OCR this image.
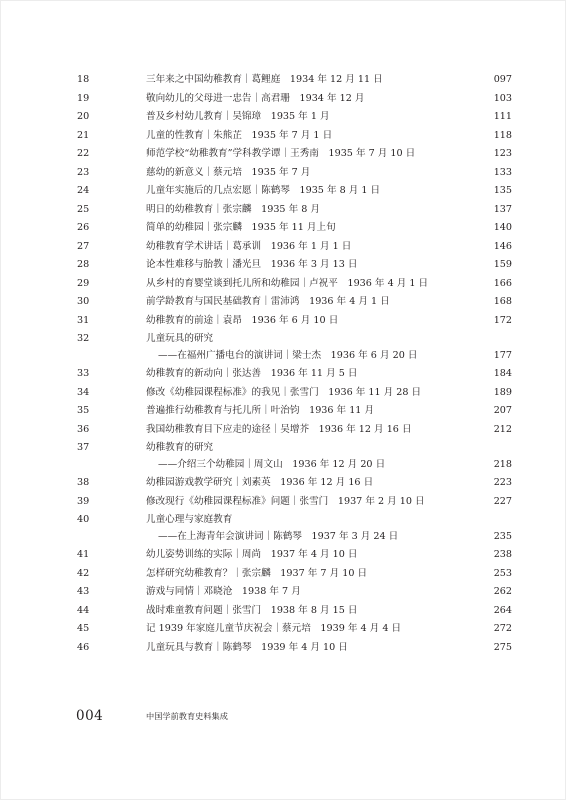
18	三年来之中国幼稚教育｜葛鲤庭　1934 年 12 月 11 日	097
19	敬向幼儿的父母进一忠告｜高君珊　1934 年 12 月	103
20	普及乡村幼儿教育｜吴锦璋　1935 年 1 月	111
21	儿童的性教育｜朱熊芷　1935 年 7 月 1 日	118
22	师范学校“幼稚教育”学科教学谭｜王秀南　1935 年 7 月 10 日	123
23	慈幼的新意义｜蔡元培　1935 年 7 月	133
24	儿童年实施后的几点宏愿｜陈鹤琴　1935 年 8 月 1 日	135
25	明日的幼稚教育｜张宗麟　1935 年 8 月	137
26	简单的幼稚园｜张宗麟　1935 年 11 月上旬	140
27	幼稚教育学术讲话｜葛承训　1936 年 1 月 1 日	146
28	论本性难移与胎教｜潘光旦　1936 年 3 月 13 日	159
29	从乡村的育婴堂谈到托儿所和幼稚园｜卢祝平　1936 年 4 月 1 日	166
30	前学龄教育与国民基础教育｜雷沛鸿　1936 年 4 月 1 日	168
31	幼稚教育的前途｜袁昂　1936 年 6 月 10 日	172
32	儿童玩具的研究
——在福州广播电台的演讲词｜梁士杰　1936 年 6 月 20 日	177
33	幼稚教育的新动向｜张达善　1936 年 11 月 5 日	184
34	修改《幼稚园课程标准》的我见｜张雪门　1936 年 11 月 28 日	189
35	普遍推行幼稚教育与托儿所｜叶治钧　1936 年 11 月	207
36	我国幼稚教育目下应走的途径｜吴增芥　1936 年 12 月 16 日	212
37	幼稚教育的研究
——介绍三个幼稚园｜周文山　1936 年 12 月 20 日	218
38	幼稚园游戏教学研究｜刘素英　1936 年 12 月 16 日	223
39	修改现行《幼稚园课程标准》问题｜张雪门　1937 年 2 月 10 日	227
40	儿童心理与家庭教育
——在上海青年会演讲词｜陈鹤琴　1937 年 3 月 24 日	235
41	幼儿姿势训练的实际｜周尚　1937 年 4 月 10 日	238
42	怎样研究幼稚教育？｜张宗麟　1937 年 7 月 10 日	253
43	游戏与同情｜邓晓沧　1938 年 7 月	262
44	战时难童教育问题｜张雪门　1938 年 8 月 15 日	264
45	记 1939 年家庭儿童节庆祝会｜蔡元培　1939 年 4 月 4 日	272
46	儿童玩具与教育｜陈鹤琴　1939 年 4 月 10 日	275
004	中国学前教育史料集成
